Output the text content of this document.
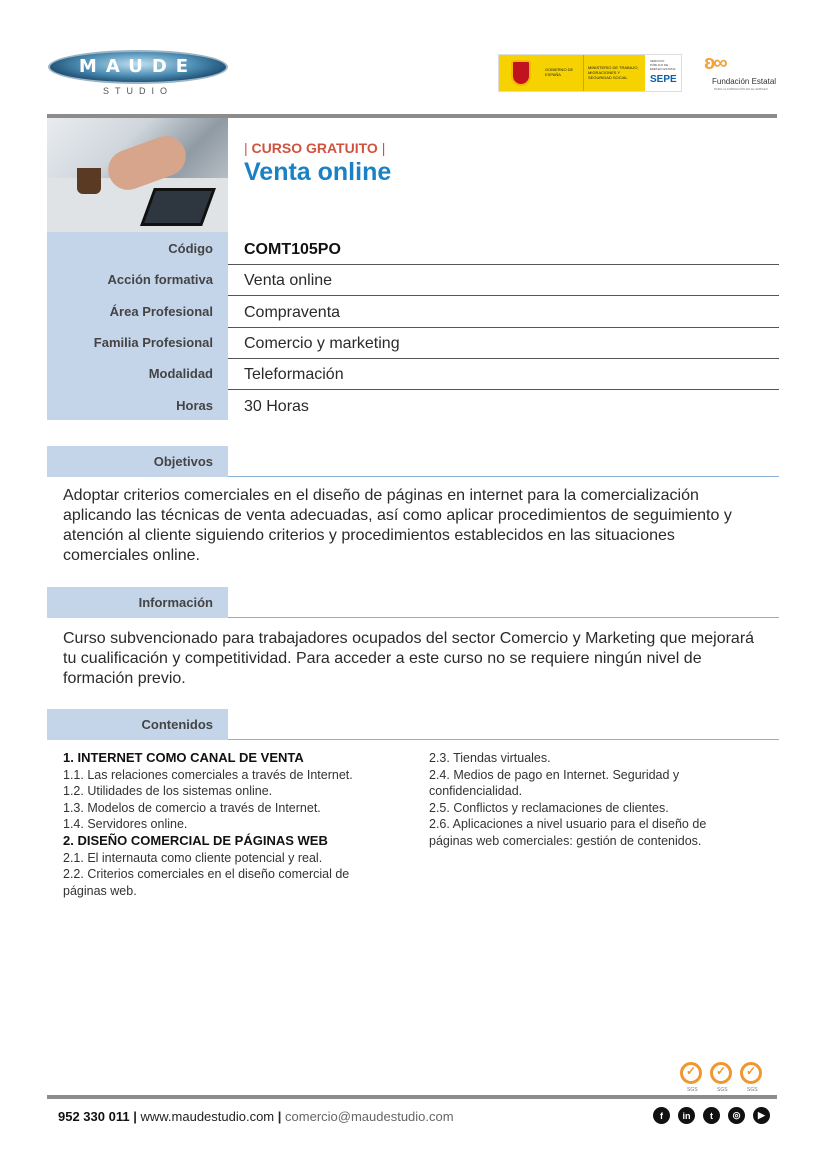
MAUDE
STUDIO
GOBIERNO DE ESPAÑA
MINISTERIO DE TRABAJO, MIGRACIONES Y SEGURIDAD SOCIAL
SERVICIO PÚBLICO DE EMPLEO ESTATAL
SEPE
ʚ∞
Fundación Estatal
PARA LA FORMACIÓN EN EL EMPLEO
| CURSO GRATUITO |
Venta online
Código	COMT105PO
Acción formativa	Venta online
Área Profesional	Compraventa
Familia Profesional	Comercio y marketing
Modalidad	Teleformación
Horas	30 Horas
Objetivos
Adoptar criterios comerciales en el diseño de páginas en internet para la comercialización aplicando las técnicas de venta adecuadas, así como aplicar procedimientos de seguimiento y atención al cliente siguiendo criterios y procedimientos establecidos en las situaciones comerciales online.
Información
Curso subvencionado para trabajadores ocupados del sector Comercio y Marketing que mejorará tu cualificación y competitividad. Para acceder a este curso no se requiere ningún nivel de formación previo.
Contenidos
1. INTERNET COMO CANAL DE VENTA
1.1. Las relaciones comerciales a través de Internet.
1.2. Utilidades de los sistemas online.
1.3. Modelos de comercio a través de Internet.
1.4. Servidores online.
2. DISEÑO COMERCIAL DE PÁGINAS WEB
2.1. El internauta como cliente potencial y real.
2.2. Criterios comerciales en el diseño comercial de páginas web.
2.3. Tiendas virtuales.
2.4. Medios de pago en Internet. Seguridad y confidencialidad.
2.5. Conflictos y reclamaciones de clientes.
2.6. Aplicaciones a nivel usuario para el diseño de páginas web comerciales: gestión de contenidos.
SGS
✓	SGS
✓	SGS
✓
952 330 011 | www.maudestudio.com | comercio@maudestudio.com	f	in	t	◎	▶
